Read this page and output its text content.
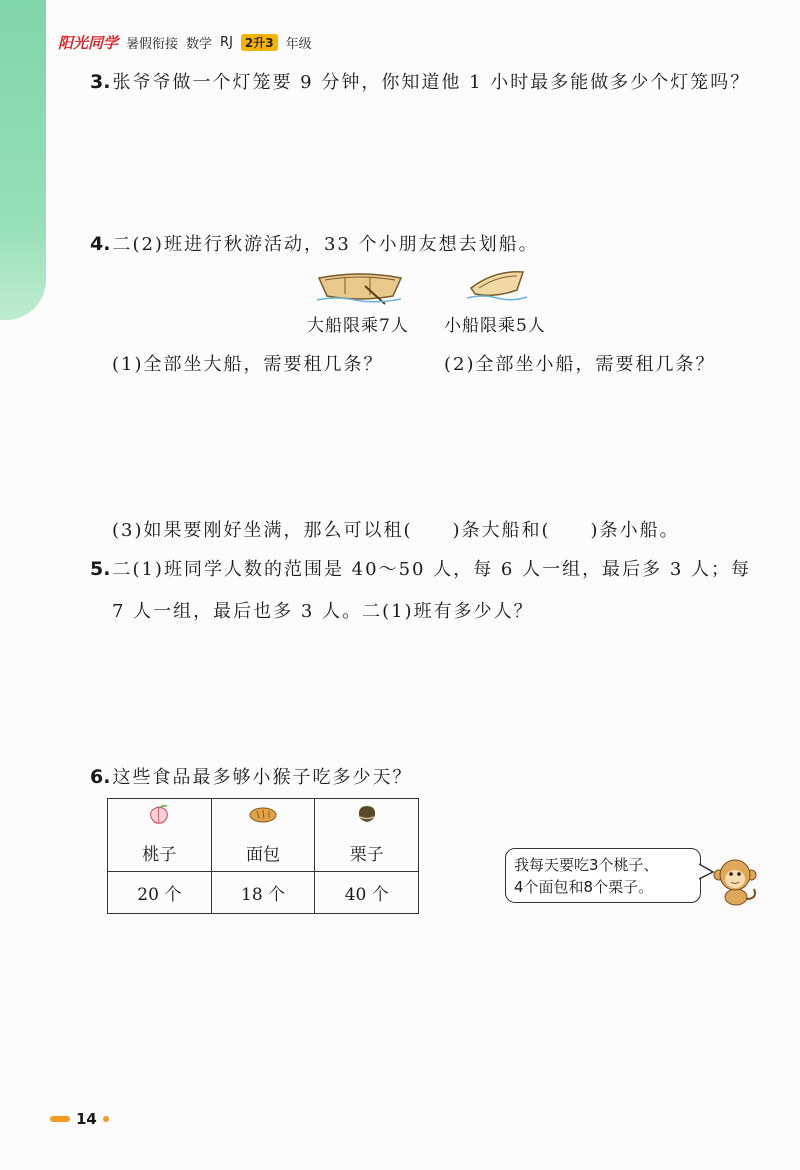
阳光同学 暑假衔接 数学 RJ	2升3 年级
3. 张爷爷做一个灯笼要 9 分钟，你知道他 1 小时最多能做多少个灯笼吗？
4. 二(2)班进行秋游活动，33 个小朋友想去划船。
大船限乘7人 小船限乘5人
(1)全部坐大船，需要租几条？	(2)全部坐小船，需要租几条？
(3)如果要刚好坐满，那么可以租(　　)条大船和(　　)条小船。
5. 二(1)班同学人数的范围是 40～50 人，每 6 人一组，最后多 3 人；每
7 人一组，最后也多 3 人。二(1)班有多少人？
6. 这些食品最多够小猴子吃多少天？

桃子	面包	栗子
20 个	18 个	40 个
我每天要吃3个桃子、
4个面包和8个栗子。
14
